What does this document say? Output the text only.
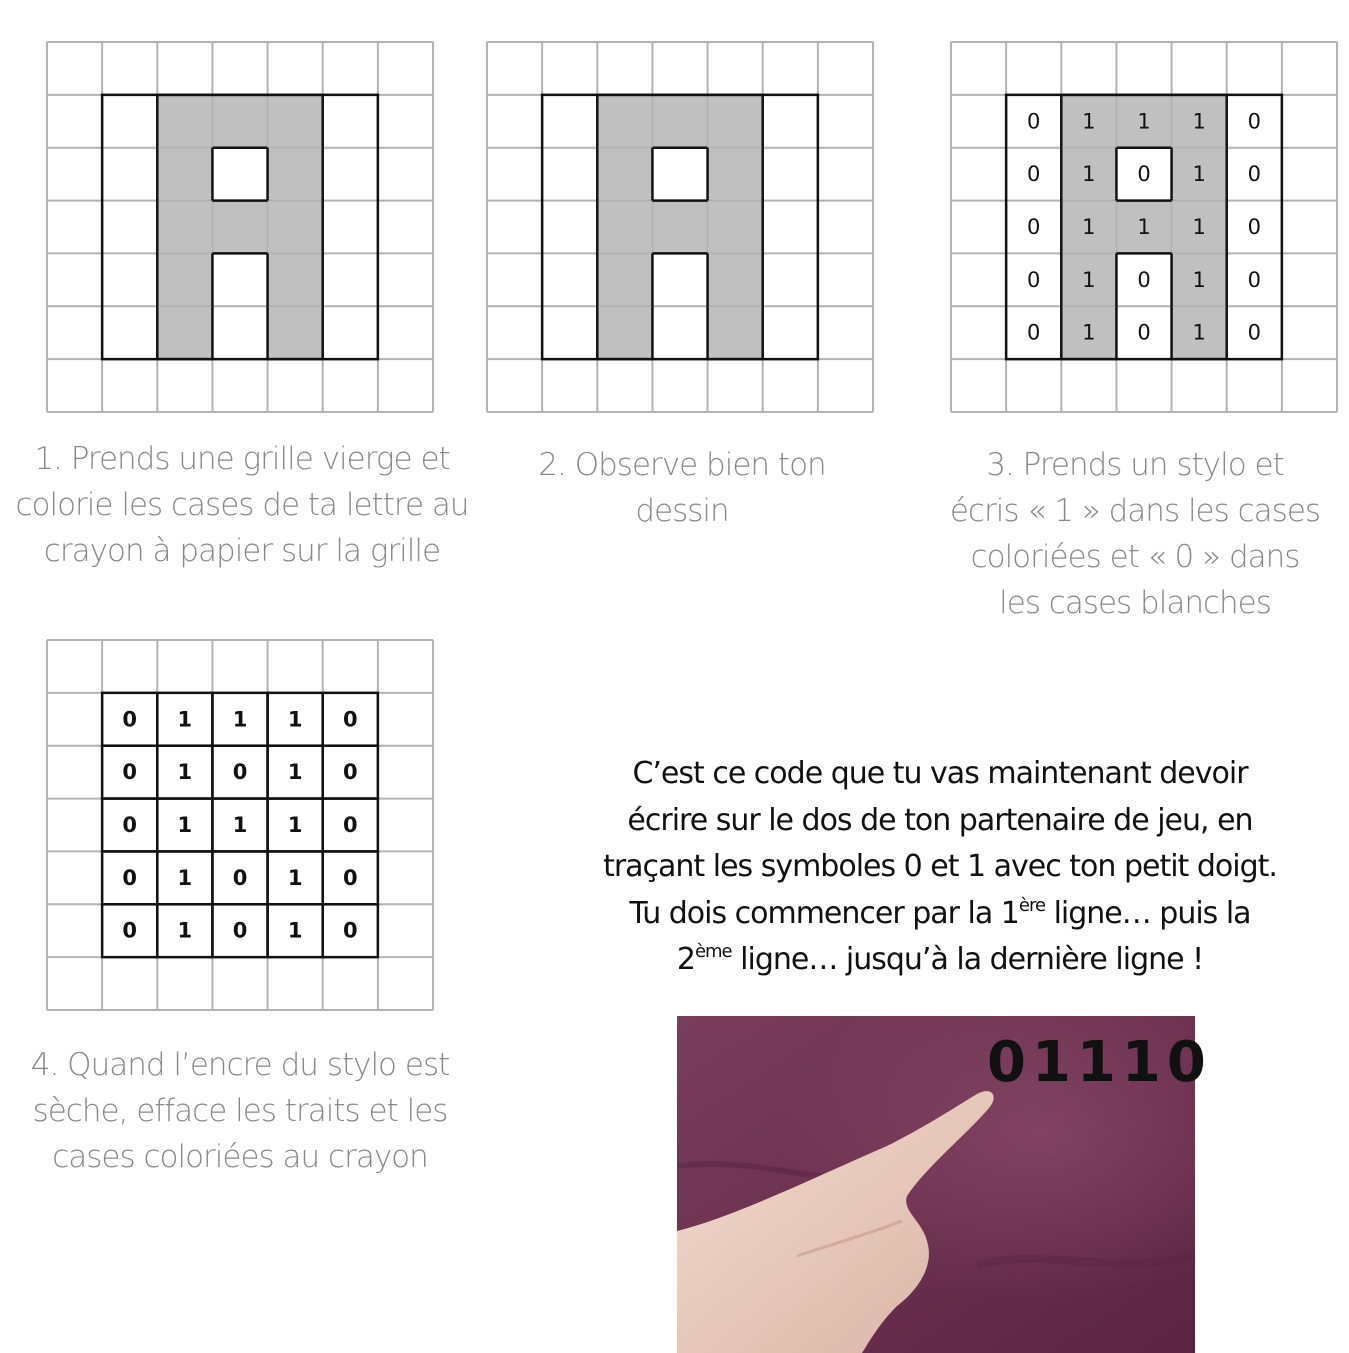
0 1 1 1 0
0 1 0 1 0
0 1 1 1 0
0 1 0 1 0
0 1 0 1 0
0 1 1 1 0
0 1 0 1 0
0 1 1 1 0
0 1 0 1 0
0 1 0 1 0
1. Prends une grille vierge et
colorie les cases de ta lettre au
crayon à papier sur la grille
2. Observe bien ton
dessin
3. Prends un stylo et
écris « 1 » dans les cases
coloriées et « 0 » dans
les cases blanches
4. Quand l’encre du stylo est
sèche, efface les traits et les
cases coloriées au crayon
C’est ce code que tu vas maintenant devoir
écrire sur le dos de ton partenaire de jeu, en
traçant les symboles 0 et 1 avec ton petit doigt.
Tu dois commencer par la 1ère ligne… puis la
2ème ligne… jusqu’à la dernière ligne !
01110
